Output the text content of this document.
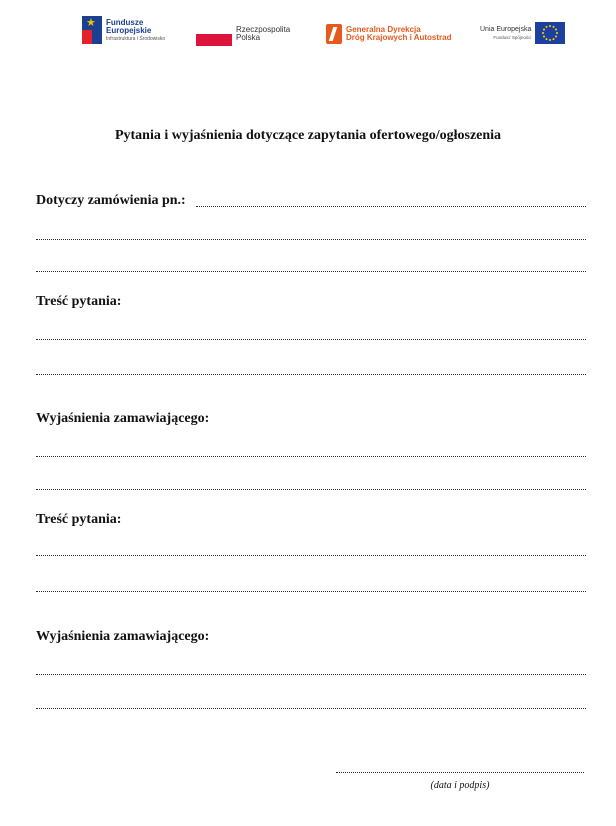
★ Fundusze
Europejskie
Infrastruktura i Środowisko
Rzeczpospolita
Polska
Generalna Dyrekcja
Dróg Krajowych i Autostrad
Unia Europejska
Fundusz Spójności
Pytania i wyjaśnienia dotyczące zapytania ofertowego/ogłoszenia
Dotyczy zamówienia pn.:
Treść pytania:
Wyjaśnienia zamawiającego:
Treść pytania:
Wyjaśnienia zamawiającego:
(data i podpis)
